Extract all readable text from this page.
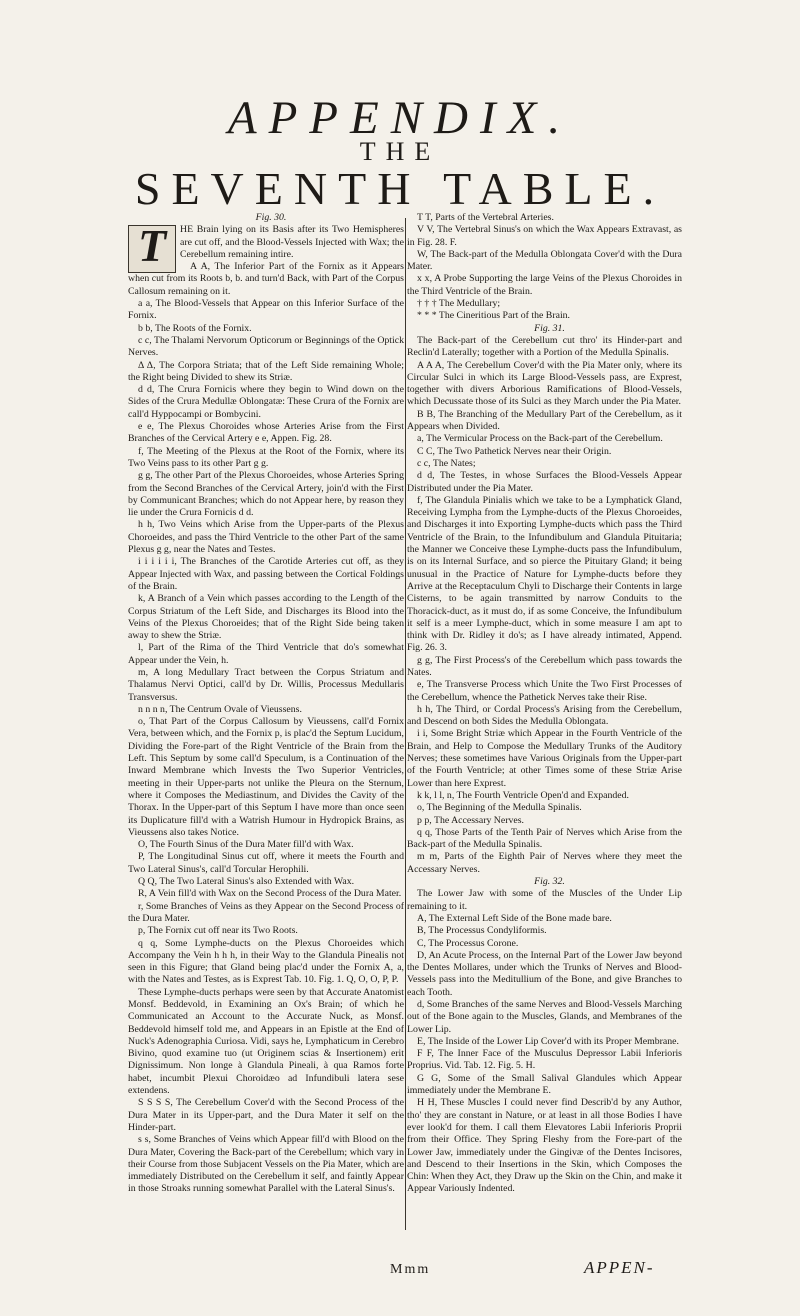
APPENDIX.
THE
SEVENTH TABLE.

Fig. 30.

T	HE Brain lying on its Basis after its Two Hemispheres are cut off, and the Blood-Vessels Injected with Wax; the Cerebellum remaining intire.

A A, The Inferior Part of the Fornix as it Appears when cut from its Roots b, b. and turn'd Back, with Part of the Corpus Callosum remaining on it.

a a, The Blood-Vessels that Appear on this Inferior Surface of the Fornix.

b b, The Roots of the Fornix.

c c, The Thalami Nervorum Opticorum or Beginnings of the Optick Nerves.

Δ Δ, The Corpora Striata; that of the Left Side remaining Whole; the Right being Divided to shew its Striæ.

d d, The Crura Fornicis where they begin to Wind down on the Sides of the Crura Medullæ Oblongatæ: These Crura of the Fornix are call'd Hyppocampi or Bombycini.

e e, The Plexus Choroides whose Arteries Arise from the First Branches of the Cervical Artery e e, Appen. Fig. 28.

f, The Meeting of the Plexus at the Root of the Fornix, where its Two Veins pass to its other Part g g.

g g, The other Part of the Plexus Choroeides, whose Arteries Spring from the Second Branches of the Cervical Artery, join'd with the First by Communicant Branches; which do not Appear here, by reason they lie under the Crura Fornicis d d.

h h, Two Veins which Arise from the Upper-parts of the Plexus Choroeides, and pass the Third Ventricle to the other Part of the same Plexus g g, near the Nates and Testes.

i i i i i i, The Branches of the Carotide Arteries cut off, as they Appear Injected with Wax, and passing between the Cortical Foldings of the Brain.

k, A Branch of a Vein which passes according to the Length of the Corpus Striatum of the Left Side, and Discharges its Blood into the Veins of the Plexus Choroeides; that of the Right Side being taken away to shew the Striæ.

l, Part of the Rima of the Third Ventricle that do's somewhat Appear under the Vein, h.

m, A long Medullary Tract between the Corpus Striatum and Thalamus Nervi Optici, call'd by Dr. Willis, Processus Medullaris Transversus.

n n n n, The Centrum Ovale of Vieussens.

o, That Part of the Corpus Callosum by Vieussens, call'd Fornix Vera, between which, and the Fornix p, is plac'd the Septum Lucidum, Dividing the Fore-part of the Right Ventricle of the Brain from the Left. This Septum by some call'd Speculum, is a Continuation of the Inward Membrane which Invests the Two Superior Ventricles, meeting in their Upper-parts not unlike the Pleura on the Sternum, where it Composes the Mediastinum, and Divides the Cavity of the Thorax. In the Upper-part of this Septum I have more than once seen its Duplicature fill'd with a Watrish Humour in Hydropick Brains, as Vieussens also takes Notice.

O, The Fourth Sinus of the Dura Mater fill'd with Wax.

P, The Longitudinal Sinus cut off, where it meets the Fourth and Two Lateral Sinus's, call'd Torcular Herophili.

Q Q, The Two Lateral Sinus's also Extended with Wax.

R, A Vein fill'd with Wax on the Second Process of the Dura Mater.

r, Some Branches of Veins as they Appear on the Second Process of the Dura Mater.

p, The Fornix cut off near its Two Roots.

q q, Some Lymphe-ducts on the Plexus Choroeides which Accompany the Vein h h h, in their Way to the Glandula Pinealis not seen in this Figure; that Gland being plac'd under the Fornix A, a, with the Nates and Testes, as is Exprest Tab. 10. Fig. 1. Q, O, O, P, P.

These Lymphe-ducts perhaps were seen by that Accurate Anatomist Monsf. Beddevold, in Examining an Ox's Brain; of which he Communicated an Account to the Accurate Nuck, as Monsf. Beddevold himself told me, and Appears in an Epistle at the End of Nuck's Adenographia Curiosa. Vidi, says he, Lymphaticum in Cerebro Bivino, quod examine tuo (ut Originem scias & Insertionem) erit Dignissimum. Non longe à Glandula Pineali, à qua Ramos forte habet, incumbit Plexui Choroidæo ad Infundibuli latera sese extendens.

S S S S, The Cerebellum Cover'd with the Second Process of the Dura Mater in its Upper-part, and the Dura Mater it self on the Hinder-part.

s s, Some Branches of Veins which Appear fill'd with Blood on the Dura Mater, Covering the Back-part of the Cerebellum; which vary in their Course from those Subjacent Vessels on the Pia Mater, which are immediately Distributed on the Cerebellum it self, and faintly Appear in those Stroaks running somewhat Parallel with the Lateral Sinus's.

T T, Parts of the Vertebral Arteries.

V V, The Vertebral Sinus's on which the Wax Appears Extravast, as in Fig. 28. F.

W, The Back-part of the Medulla Oblongata Cover'd with the Dura Mater.

x x, A Probe Supporting the large Veins of the Plexus Choroides in the Third Ventricle of the Brain.

† † † The Medullary;

* * * The Cineritious Part of the Brain.

Fig. 31.

The Back-part of the Cerebellum cut thro' its Hinder-part and Reclin'd Laterally; together with a Portion of the Medulla Spinalis.

A A A, The Cerebellum Cover'd with the Pia Mater only, where its Circular Sulci in which its Large Blood-Vessels pass, are Exprest, together with divers Arborious Ramifications of Blood-Vessels, which Decussate those of its Sulci as they March under the Pia Mater.

B B, The Branching of the Medullary Part of the Cerebellum, as it Appears when Divided.

a, The Vermicular Process on the Back-part of the Cerebellum.

C C, The Two Pathetick Nerves near their Origin.

c c, The Nates;

d d, The Testes, in whose Surfaces the Blood-Vessels Appear Distributed under the Pia Mater.

f, The Glandula Pinialis which we take to be a Lymphatick Gland, Receiving Lympha from the Lymphe-ducts of the Plexus Choroeides, and Discharges it into Exporting Lymphe-ducts which pass the Third Ventricle of the Brain, to the Infundibulum and Glandula Pituitaria; the Manner we Conceive these Lymphe-ducts pass the Infundibulum, is on its Internal Surface, and so pierce the Pituitary Gland; it being unusual in the Practice of Nature for Lymphe-ducts before they Arrive at the Receptaculum Chyli to Discharge their Contents in large Cisterns, to be again transmitted by narrow Conduits to the Thoracick-duct, as it must do, if as some Conceive, the Infundibulum it self is a meer Lymphe-duct, which in some measure I am apt to think with Dr. Ridley it do's; as I have already intimated, Append. Fig. 26. 3.

g g, The First Process's of the Cerebellum which pass towards the Nates.

e, The Transverse Process which Unite the Two First Processes of the Cerebellum, whence the Pathetick Nerves take their Rise.

h h, The Third, or Cordal Process's Arising from the Cerebellum, and Descend on both Sides the Medulla Oblongata.

i i, Some Bright Striæ which Appear in the Fourth Ventricle of the Brain, and Help to Compose the Medullary Trunks of the Auditory Nerves; these sometimes have Various Originals from the Upper-part of the Fourth Ventricle; at other Times some of these Striæ Arise Lower than here Exprest.

k k, l l, n, The Fourth Ventricle Open'd and Expanded.

o, The Beginning of the Medulla Spinalis.

p p, The Accessary Nerves.

q q, Those Parts of the Tenth Pair of Nerves which Arise from the Back-part of the Medulla Spinalis.

m m, Parts of the Eighth Pair of Nerves where they meet the Accessary Nerves.

Fig. 32.

The Lower Jaw with some of the Muscles of the Under Lip remaining to it.

A, The External Left Side of the Bone made bare.

B, The Processus Condyliformis.

C, The Processus Corone.

D, An Acute Process, on the Internal Part of the Lower Jaw beyond the Dentes Mollares, under which the Trunks of Nerves and Blood-Vessels pass into the Meditullium of the Bone, and give Branches to each Tooth.

d, Some Branches of the same Nerves and Blood-Vessels Marching out of the Bone again to the Muscles, Glands, and Membranes of the Lower Lip.

E, The Inside of the Lower Lip Cover'd with its Proper Membrane.

F F, The Inner Face of the Musculus Depressor Labii Inferioris Proprius. Vid. Tab. 12. Fig. 5. H.

G G, Some of the Small Salival Glandules which Appear immediately under the Membrane E.

H H, These Muscles I could never find Describ'd by any Author, tho' they are constant in Nature, or at least in all those Bodies I have ever look'd for them. I call them Elevatores Labii Inferioris Proprii from their Office. They Spring Fleshy from the Fore-part of the Lower Jaw, immediately under the Gingivæ of the Dentes Incisores, and Descend to their Insertions in the Skin, which Composes the Chin: When they Act, they Draw up the Skin on the Chin, and make it Appear Variously Indented.

Mmm	APPEN-
